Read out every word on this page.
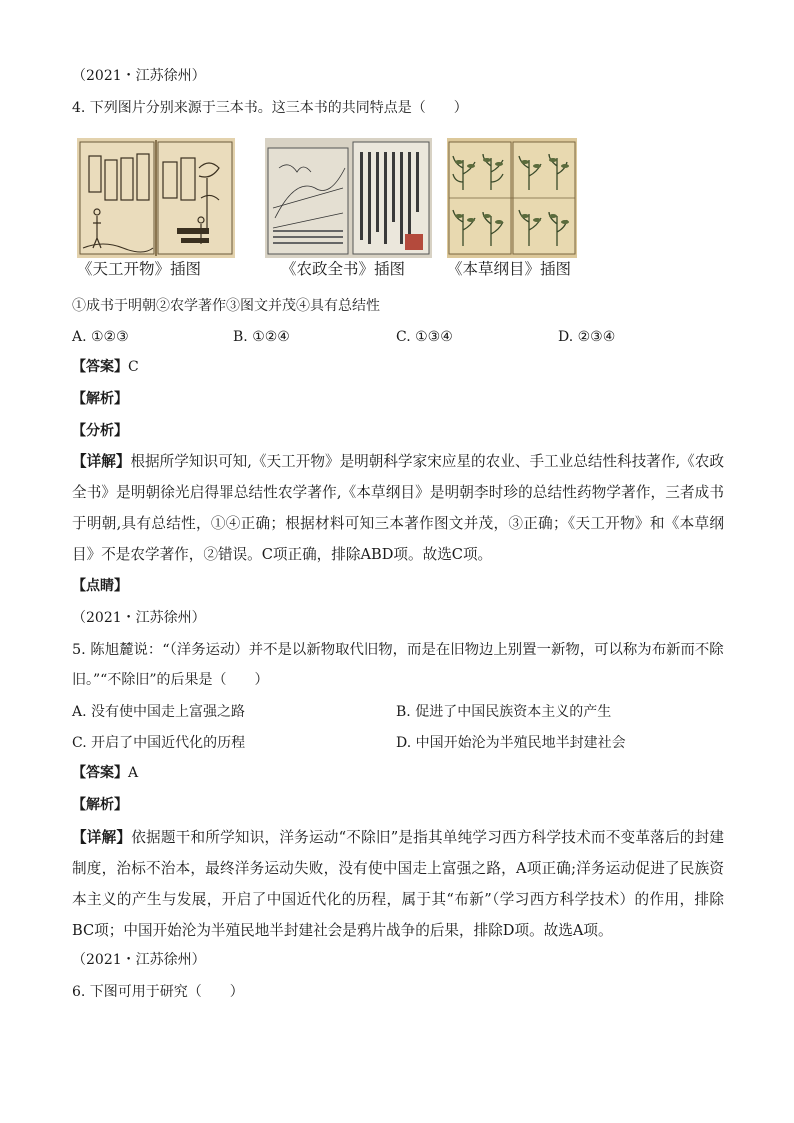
（2021・江苏徐州）
4. 下列图片分别来源于三本书。这三本书的共同特点是（　　）
《天工开物》插图	《农政全书》插图	《本草纲目》插图
①成书于明朝②农学著作③图文并茂④具有总结性
A. ①②③	B. ①②④	C. ①③④	D. ②③④
【答案】C
【解析】
【分析】
【详解】根据所学知识可知,《天工开物》是明朝科学家宋应星的农业、手工业总结性科技著作,《农政全书》是明朝徐光启得罪总结性农学著作,《本草纲目》是明朝李时珍的总结性药物学著作，三者成书于明朝,具有总结性，①④正确；根据材料可知三本著作图文并茂，③正确；《天工开物》和《本草纲目》不是农学著作，②错误。C项正确，排除ABD项。故选C项。
【点睛】
（2021・江苏徐州）
5. 陈旭麓说：“（洋务运动）并不是以新物取代旧物，而是在旧物边上别置一新物，可以称为布新而不除
旧。”“不除旧”的后果是（　　）
A. 没有使中国走上富强之路	B. 促进了中国民族资本主义的产生
C. 开启了中国近代化的历程	D. 中国开始沦为半殖民地半封建社会
【答案】A
【解析】
【详解】依据题干和所学知识，洋务运动“不除旧”是指其单纯学习西方科学技术而不变革落后的封建制度，治标不治本，最终洋务运动失败，没有使中国走上富强之路，A项正确;洋务运动促进了民族资本主义的产生与发展，开启了中国近代化的历程，属于其“布新”（学习西方科学技术）的作用，排除BC项；中国开始沦为半殖民地半封建社会是鸦片战争的后果，排除D项。故选A项。
（2021・江苏徐州）
6. 下图可用于研究（　　）
